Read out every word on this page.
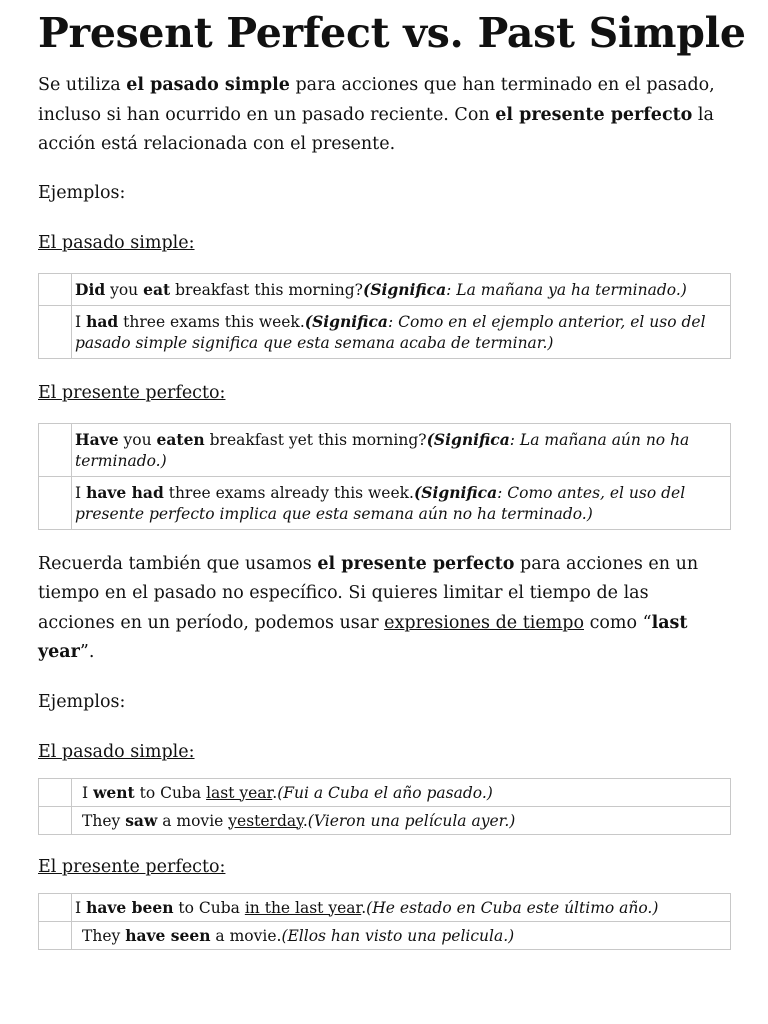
Present Perfect vs. Past Simple

Se utiliza el pasado simple para acciones que han terminado en el pasado, incluso si han ocurrido en un pasado reciente. Con el presente perfecto la acción está relacionada con el presente.

Ejemplos:

El pasado simple:

	Did you eat breakfast this morning?(Significa: La mañana ya ha terminado.)
	I had three exams this week.(Significa: Como en el ejemplo anterior, el uso del pasado simple significa que esta semana acaba de terminar.)

El presente perfecto:

	Have you eaten breakfast yet this morning?(Significa: La mañana aún no ha terminado.)
	I have had three exams already this week.(Significa: Como antes, el uso del presente perfecto implica que esta semana aún no ha terminado.)

Recuerda también que usamos el presente perfecto para acciones en un tiempo en el pasado no específico. Si quieres limitar el tiempo de las acciones en un período, podemos usar expresiones de tiempo como “last year”.

Ejemplos:

El pasado simple:

	I went to Cuba last year.(Fui a Cuba el año pasado.)
	They saw a movie yesterday.(Vieron una película ayer.)

El presente perfecto:

	I have been to Cuba in the last year.(He estado en Cuba este último año.)
	They have seen a movie.(Ellos han visto una pelicula.)
